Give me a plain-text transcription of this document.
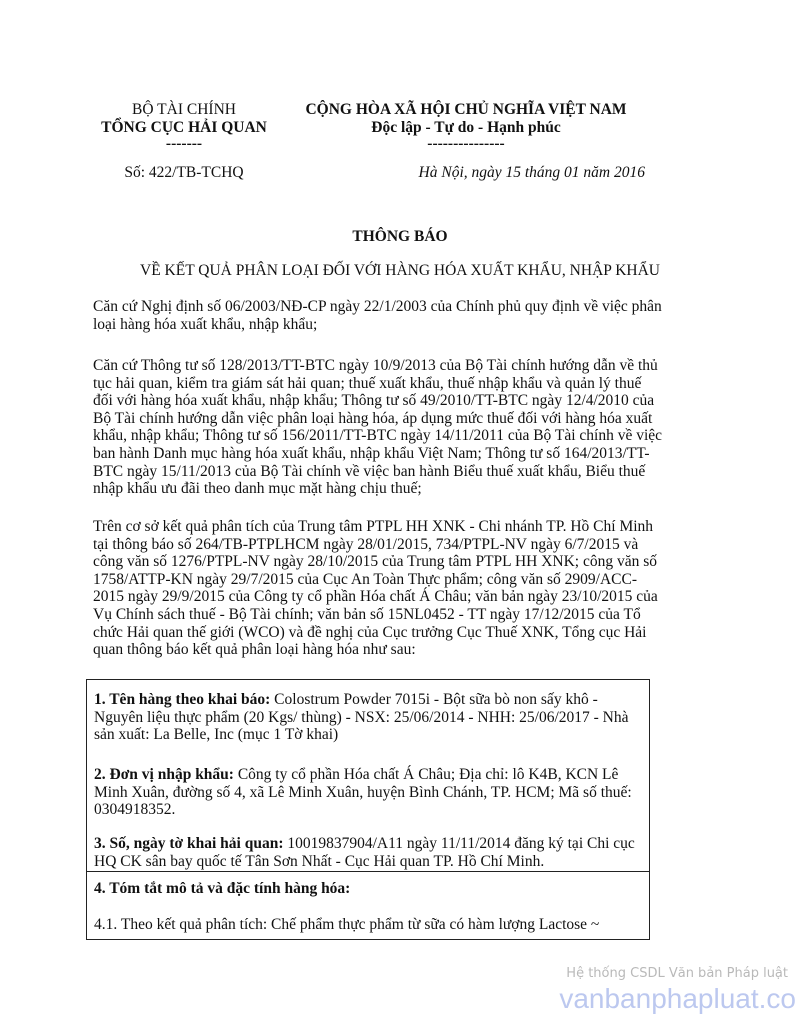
BỘ TÀI CHÍNH
TỔNG CỤC HẢI QUAN
-------
CỘNG HÒA XÃ HỘI CHỦ NGHĨA VIỆT NAM
Độc lập - Tự do - Hạnh phúc
---------------
Số: 422/TB-TCHQ	Hà Nội, ngày 15 tháng 01 năm 2016
THÔNG BÁO
VỀ KẾT QUẢ PHÂN LOẠI ĐỐI VỚI HÀNG HÓA XUẤT KHẨU, NHẬP KHẨU
Căn cứ Nghị định số 06/2003/NĐ-CP ngày 22/1/2003 của Chính phủ quy định về việc phân loại hàng hóa xuất khẩu, nhập khẩu;
Căn cứ Thông tư số 128/2013/TT-BTC ngày 10/9/2013 của Bộ Tài chính hướng dẫn về thủ tục hải quan, kiểm tra giám sát hải quan; thuế xuất khẩu, thuế nhập khẩu và quản lý thuế đối với hàng hóa xuất khẩu, nhập khẩu; Thông tư số 49/2010/TT-BTC ngày 12/4/2010 của Bộ Tài chính hướng dẫn việc phân loại hàng hóa, áp dụng mức thuế đối với hàng hóa xuất khẩu, nhập khẩu; Thông tư số 156/2011/TT-BTC ngày 14/11/2011 của Bộ Tài chính về việc ban hành Danh mục hàng hóa xuất khẩu, nhập khẩu Việt Nam; Thông tư số 164/2013/TT-BTC ngày 15/11/2013 của Bộ Tài chính về việc ban hành Biểu thuế xuất khẩu, Biểu thuế nhập khẩu ưu đãi theo danh mục mặt hàng chịu thuế;
Trên cơ sở kết quả phân tích của Trung tâm PTPL HH XNK - Chi nhánh TP. Hồ Chí Minh tại thông báo số 264/TB-PTPLHCM ngày 28/01/2015, 734/PTPL-NV ngày 6/7/2015 và công văn số 1276/PTPL-NV ngày 28/10/2015 của Trung tâm PTPL HH XNK; công văn số 1758/ATTP-KN ngày 29/7/2015 của Cục An Toàn Thực phẩm; công văn số 2909/ACC-2015 ngày 29/9/2015 của Công ty cổ phần Hóa chất Á Châu; văn bản ngày 23/10/2015 của Vụ Chính sách thuế - Bộ Tài chính; văn bản số 15NL0452 - TT ngày 17/12/2015 của Tổ chức Hải quan thế giới (WCO) và đề nghị của Cục trưởng Cục Thuế XNK, Tổng cục Hải quan thông báo kết quả phân loại hàng hóa như sau:
1. Tên hàng theo khai báo: Colostrum Powder 7015i - Bột sữa bò non sấy khô - Nguyên liệu thực phẩm (20 Kgs/ thùng) - NSX: 25/06/2014 - NHH: 25/06/2017 - Nhà sản xuất: La Belle, Inc (mục 1 Tờ khai)
2. Đơn vị nhập khẩu: Công ty cổ phần Hóa chất Á Châu; Địa chỉ: lô K4B, KCN Lê Minh Xuân, đường số 4, xã Lê Minh Xuân, huyện Bình Chánh, TP. HCM; Mã số thuế: 0304918352.
3. Số, ngày tờ khai hải quan: 10019837904/A11 ngày 11/11/2014 đăng ký tại Chi cục HQ CK sân bay quốc tế Tân Sơn Nhất - Cục Hải quan TP. Hồ Chí Minh.
4. Tóm tắt mô tả và đặc tính hàng hóa:
4.1. Theo kết quả phân tích: Chế phẩm thực phẩm từ sữa có hàm lượng Lactose ~
Hệ thống CSDL Văn bản Pháp luật
vanbanphapluat.co
